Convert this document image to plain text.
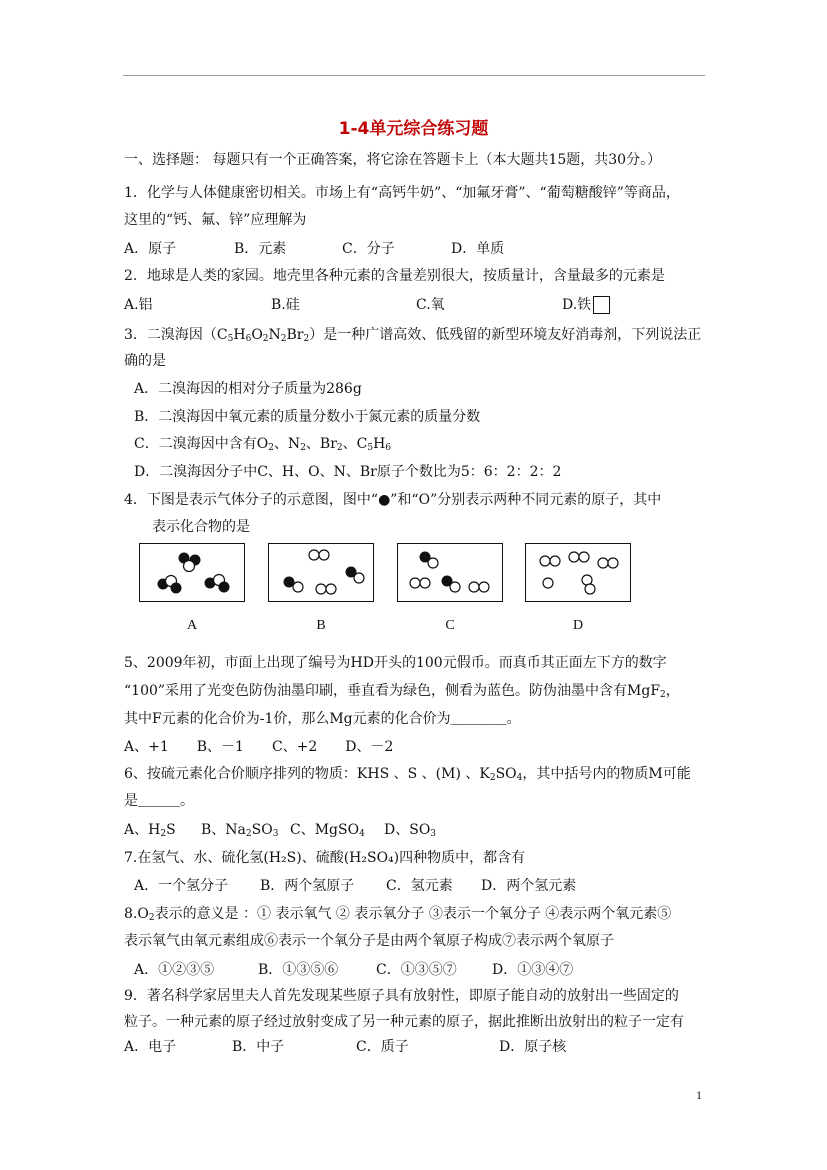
1-4单元综合练习题
一、选择题： 每题只有一个正确答案，将它涂在答题卡上（本大题共15题，共30分。）
1．化学与人体健康密切相关。市场上有“高钙牛奶”、“加氟牙膏”、“葡萄糖酸锌”等商品，
这里的“钙、氟、锌”应理解为
A．原子	B．元素	C．分子	D．单质
2．地球是人类的家园。地壳里各种元素的含量差别很大，按质量计，含量最多的元素是
A.铝	B.硅	C.氧	D.铁
3．二溴海因$(C_5H_6O_2N_2Br_2)$是一种广谱高效、低残留的新型环境友好消毒剂，下列说法正
确的是
A．二溴海因的相对分子质量为286g
B．二溴海因中氧元素的质量分数小于氮元素的质量分数
C．二溴海因中含有$O_2$、$N_2$、$Br_2$、$C_5H_6$
D．二溴海因分子中C、H、O、N、Br原子个数比为5：6：2：2：2
4．下图是表示气体分子的示意图，图中“●”和“O”分别表示两种不同元素的原子，其中
表示化合物的是
A	B	C	D
5、2009年初，市面上出现了编号为HD开头的100元假币。而真币其正面左下方的数字
“100”采用了光变色防伪油墨印刷，垂直看为绿色，侧看为蓝色。防伪油墨中含有MgF$_2$，
其中F元素的化合价为-1价，那么Mg元素的化合价为＿＿＿＿。
A、+1　　B、－1　　C、+2　　D、－2
6、按硫元素化合价顺序排列的物质：KHS 、S 、(M) 、$K_2SO_4$，其中括号内的物质M可能
是＿＿＿。
A、$H_2S$ B、$Na_2SO_3$ C、MgSO$_4$ D、$SO_3$
7.在氢气、水、硫化氢(H₂S)、硫酸(H₂SO₄)四种物质中，都含有
A．一个氢分子 B．两个氢原子 C．氢元素 D．两个氢元素
$8.O_2$表示的意义是 ：① 表示氧气 ② 表示氧分子 ③表示一个氧分子 ④表示两个氧元素⑤
表示氧气由氧元素组成⑥表示一个氧分子是由两个氧原子构成⑦表示两个氧原子
A．①②③⑤	B．①③⑤⑥	C．①③⑤⑦	D．①③④⑦
9．著名科学家居里夫人首先发现某些原子具有放射性，即原子能自动的放射出一些固定的
粒子。一种元素的原子经过放射变成了另一种元素的原子，据此推断出放射出的粒子一定有
A．电子	B．中子	C．质子	D．原子核
1
